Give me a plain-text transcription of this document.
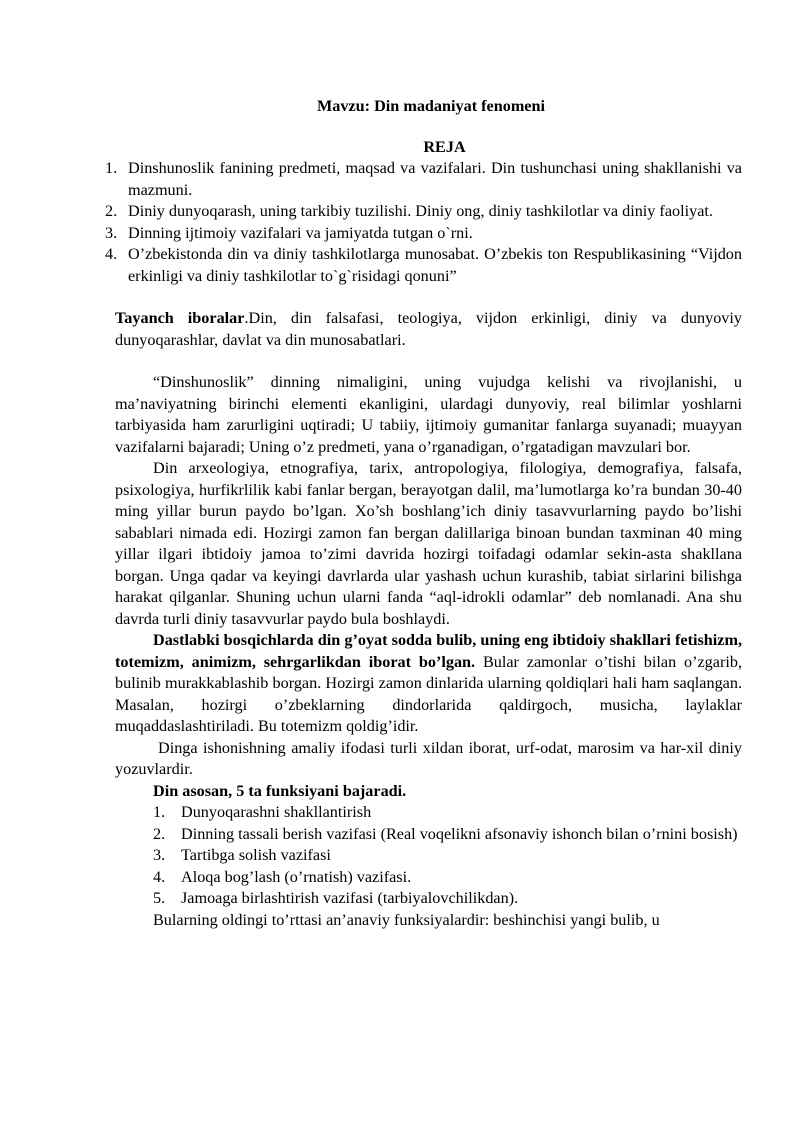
Mavzu: Din madaniyat fenomeni

REJA

1. Dinshunoslik fanining predmeti, maqsad va vazifalari. Din tushunchasi uning shakllanishi va mazmuni.
2. Diniy dunyoqarash, uning tarkibiy tuzilishi. Diniy ong, diniy tashkilotlar va diniy faoliyat.
3. Dinning ijtimoiy vazifalari va jamiyatda tutgan o`rni.
4. O’zbekistonda din va diniy tashkilotlarga munosabat. O’zbekis ton Respublikasining “Vijdon erkinligi va diniy tashkilotlar to`g`risidagi qonuni”

Tayanch iboralar.Din, din falsafasi, teologiya, vijdon erkinligi, diniy va dunyoviy dunyoqarashlar, davlat va din munosabatlari.

“Dinshunoslik” dinning nimaligini, uning vujudga kelishi va rivojlanishi, u ma’naviyatning birinchi elementi ekanligini, ulardagi dunyoviy, real bilimlar yoshlarni tarbiyasida ham zarurligini uqtiradi; U tabiiy, ijtimoiy gumanitar fanlarga suyanadi; muayyan vazifalarni bajaradi; Uning o’z predmeti, yana o’rganadigan, o’rgatadigan mavzulari bor.

Din arxeologiya, etnografiya, tarix, antropologiya, filologiya, demografiya, falsafa, psixologiya, hurfikrlilik kabi fanlar bergan, berayotgan dalil, ma’lumotlarga ko’ra bundan 30-40 ming yillar burun paydo bo’lgan. Xo’sh boshlang’ich diniy tasavvurlarning paydo bo’lishi sabablari nimada edi. Hozirgi zamon fan bergan dalillariga binoan bundan taxminan 40 ming yillar ilgari ibtidoiy jamoa to’zimi davrida hozirgi toifadagi odamlar sekin-asta shakllana borgan. Unga qadar va keyingi davrlarda ular yashash uchun kurashib, tabiat sirlarini bilishga harakat qilganlar. Shuning uchun ularni fanda “aql-idrokli odamlar” deb nomlanadi. Ana shu davrda turli diniy tasavvurlar paydo bula boshlaydi.

Dastlabki bosqichlarda din g’oyat sodda bulib, uning eng ibtidoiy shakllari fetishizm, totemizm, animizm, sehrgarlikdan iborat bo’lgan. Bular zamonlar o’tishi bilan o’zgarib, bulinib murakkablashib borgan. Hozirgi zamon dinlarida ularning qoldiqlari hali ham saqlangan. Masalan, hozirgi o’zbeklarning dindorlarida qaldirgoch, musicha, laylaklar muqaddaslashtiriladi. Bu totemizm qoldig’idir.

Dinga ishonishning amaliy ifodasi turli xildan iborat, urf-odat, marosim va har-xil diniy yozuvlardir.

Din asosan, 5 ta funksiyani bajaradi.

1. Dunyoqarashni shakllantirish
2. Dinning tassali berish vazifasi (Real voqelikni afsonaviy ishonch bilan o’rnini bosish)
3. Tartibga solish vazifasi
4. Aloqa bog’lash (o’rnatish) vazifasi.
5. Jamoaga birlashtirish vazifasi (tarbiyalovchilikdan).

Bularning oldingi to’rttasi an’anaviy funksiyalardir: beshinchisi yangi bulib, u
